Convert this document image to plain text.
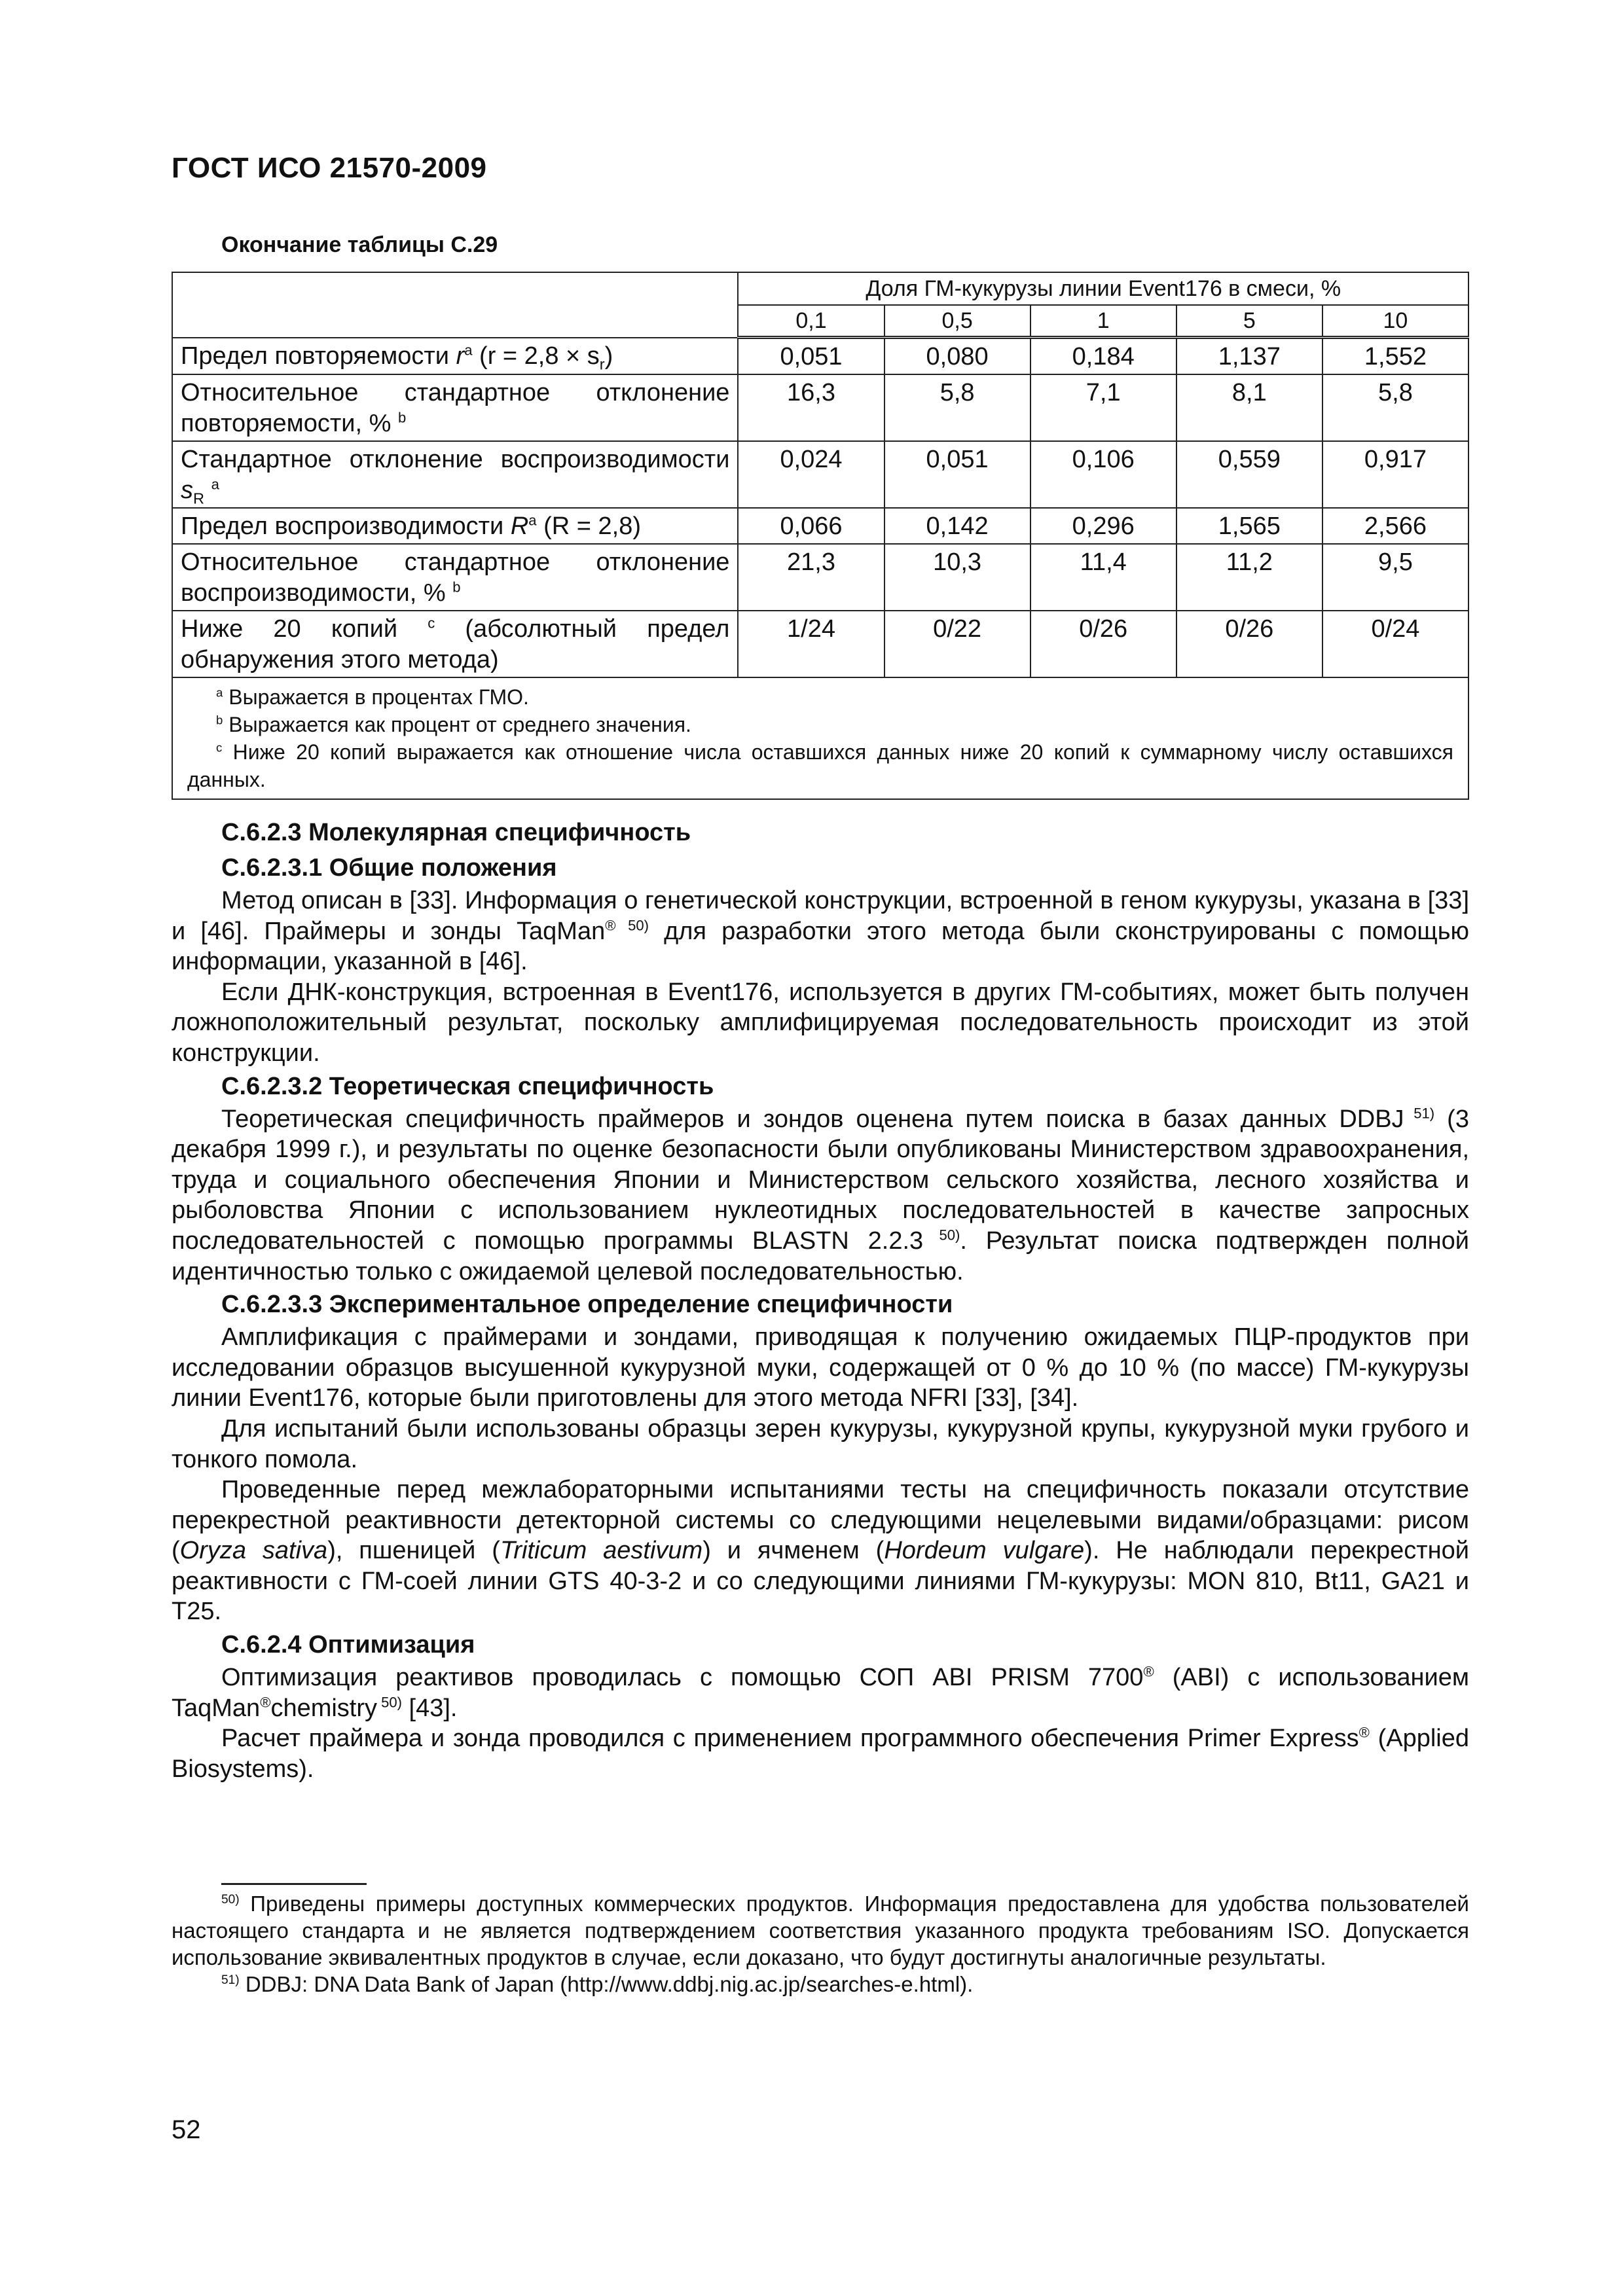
ГОСТ ИСО 21570-2009
Окончание таблицы С.29
	Доля ГМ-кукурузы линии Event176 в смеси, %				
	0,1	0,5	1	5	10
Предел повторяемости $r^a$ $(r = 2,8 \times s_r)$	0,051	0,080	0,184	1,137	1,552
Относительное стандартное отклонение повторяемости, % $^b$	16,3	5,8	7,1	8,1	5,8
Стандартное отклонение воспроизводимости $s_R$ $^a$	0,024	0,051	0,106	0,559	0,917
Предел воспроизводимости $R^a$ (R = 2,8)	0,066	0,142	0,296	1,565	2,566
Относительное стандартное отклонение воспроизводимости, % $^b$	21,3	10,3	11,4	11,2	9,5
Ниже 20 копий $^c$ (абсолютный предел обнаружения этого метода)	1/24	0/22	0/26	0/26	0/24

$^a$ Выражается в процентах ГМО.

$^b$ Выражается как процент от среднего значения.

$^c$ Ниже 20 копий выражается как отношение числа оставшихся данных ниже 20 копий к суммарному числу оставшихся данных.					

С.6.2.3 Молекулярная специфичность
С.6.2.3.1 Общие положения

Метод описан в [33]. Информация о генетической конструкции, встроенной в геном кукурузы, указана в [33] и [46]. Праймеры и зонды TaqMan® $^{50)}$ для разработки этого метода были сконструированы с помощью информации, указанной в [46].

Если ДНК-конструкция, встроенная в Event176, используется в других ГМ-событиях, может быть получен ложноположительный результат, поскольку амплифицируемая последовательность происходит из этой конструкции.

С.6.2.3.2 Теоретическая специфичность

Теоретическая специфичность праймеров и зондов оценена путем поиска в базах данных DDBJ $^{51)}$ (3 декабря 1999 г.), и результаты по оценке безопасности были опубликованы Министерством здравоохранения, труда и социального обеспечения Японии и Министерством сельского хозяйства, лесного хозяйства и рыболовства Японии с использованием нуклеотидных последовательностей в качестве запросных последовательностей с помощью программы BLASTN 2.2.3 $^{50)}$. Результат поиска подтвержден полной идентичностью только с ожидаемой целевой последовательностью.

С.6.2.3.3 Экспериментальное определение специфичности

Амплификация с праймерами и зондами, приводящая к получению ожидаемых ПЦР-продуктов при исследовании образцов высушенной кукурузной муки, содержащей от 0 % до 10 % (по массе) ГМ-кукурузы линии Event176, которые были приготовлены для этого метода NFRI [33], [34].

Для испытаний были использованы образцы зерен кукурузы, кукурузной крупы, кукурузной муки грубого и тонкого помола.

Проведенные перед межлабораторными испытаниями тесты на специфичность показали отсутствие перекрестной реактивности детекторной системы со следующими нецелевыми видами/образцами: рисом (Oryza sativa), пшеницей (Triticum aestivum) и ячменем (Hordeum vulgare). Не наблюдали перекрестной реактивности с ГМ-соей линии GTS 40-3-2 и со следующими линиями ГМ-кукурузы: MON 810, Bt11, GA21 и T25.

С.6.2.4 Оптимизация

Оптимизация реактивов проводилась с помощью СОП ABI PRISM 7700® (ABI) с использованием TaqMan®chemistry $^{50)}$ [43].

Расчет праймера и зонда проводился с применением программного обеспечения Primer Express® (Applied Biosystems).

$^{50)}$ Приведены примеры доступных коммерческих продуктов. Информация предоставлена для удобства пользователей настоящего стандарта и не является подтверждением соответствия указанного продукта требованиям ISO. Допускается использование эквивалентных продуктов в случае, если доказано, что будут достигнуты аналогичные результаты.

$^{51)}$ DDBJ: DNA Data Bank of Japan (http://www.ddbj.nig.ac.jp/searches-e.html).

52
